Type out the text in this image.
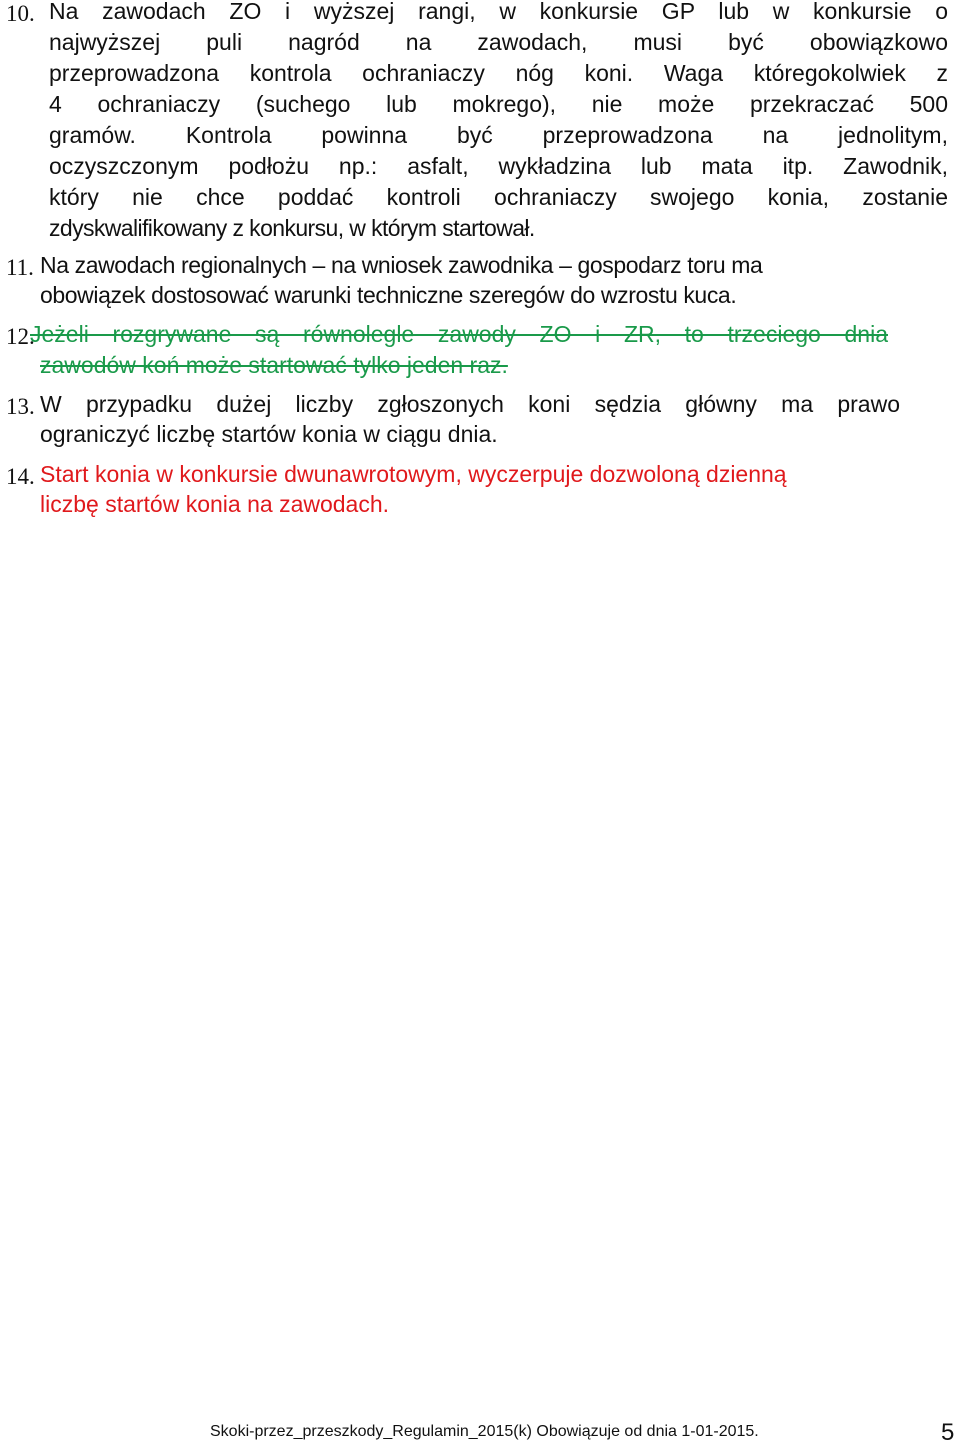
10. Na zawodach ZO i wyższej rangi, w konkursie GP lub w konkursie o
najwyższej puli nagród na zawodach, musi być obowiązkowo
przeprowadzona kontrola ochraniaczy nóg koni. Waga któregokolwiek z
4 ochraniaczy (suchego lub mokrego), nie może przekraczać 500
gramów. Kontrola powinna być przeprowadzona na jednolitym,
oczyszczonym podłożu np.: asfalt, wykładzina lub mata itp. Zawodnik,
który nie chce poddać kontroli ochraniaczy swojego konia, zostanie
zdyskwalifikowany z konkursu, w którym startował.
11. Na zawodach regionalnych – na wniosek zawodnika – gospodarz toru ma
obowiązek dostosować warunki techniczne szeregów do wzrostu kuca.
12.
Jeżeli rozgrywane są równolegle zawody ZO i ZR, to trzeciego dnia
zawodów koń może startować tylko jeden raz.
13. W przypadku dużej liczby zgłoszonych koni sędzia główny ma prawo
ograniczyć liczbę startów konia w ciągu dnia.
14. Start konia w konkursie dwunawrotowym, wyczerpuje dozwoloną dzienną
liczbę startów konia na zawodach.
Skoki-przez_przeszkody_Regulamin_2015(k) Obowiązuje od dnia 1-01-2015.	5
